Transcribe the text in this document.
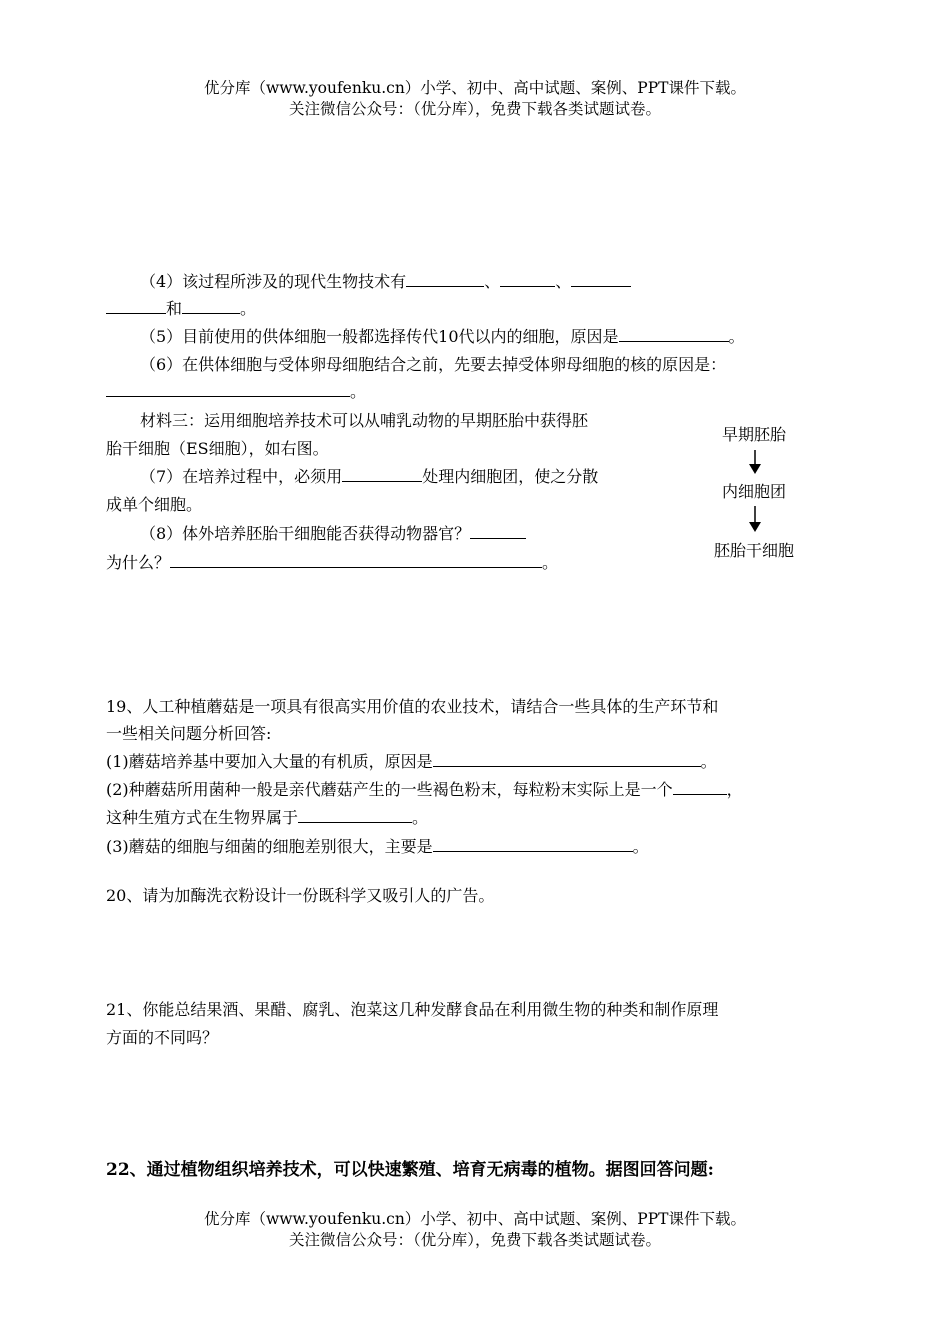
优分库（www.youfenku.cn）小学、初中、高中试题、案例、PPT课件下载。
关注微信公众号：（优分库），免费下载各类试题试卷。
（4）该过程所涉及的现代生物技术有	、	、
和	。
（5）目前使用的供体细胞一般都选择传代10代以内的细胞，原因是	。
（6）在供体细胞与受体卵母细胞结合之前，先要去掉受体卵母细胞的核的原因是：
。
材料三：运用细胞培养技术可以从哺乳动物的早期胚胎中获得胚
胎干细胞（ES细胞），如右图。
（7）在培养过程中，必须用	处理内细胞团，使之分散
成单个细胞。
（8）体外培养胚胎干细胞能否获得动物器官？
为什么？	。
早期胚胎
内细胞团
胚胎干细胞
19、人工种植蘑菇是一项具有很高实用价值的农业技术，请结合一些具体的生产环节和
一些相关问题分析回答:
(1)蘑菇培养基中要加入大量的有机质，原因是	。
(2)种蘑菇所用菌种一般是亲代蘑菇产生的一些褐色粉末，每粒粉末实际上是一个	，
这种生殖方式在生物界属于	。
(3)蘑菇的细胞与细菌的细胞差别很大，主要是	。
20、请为加酶洗衣粉设计一份既科学又吸引人的广告。
21、你能总结果酒、果醋、腐乳、泡菜这几种发酵食品在利用微生物的种类和制作原理
方面的不同吗？
22、通过植物组织培养技术，可以快速繁殖、培育无病毒的植物。据图回答问题:
优分库（www.youfenku.cn）小学、初中、高中试题、案例、PPT课件下载。
关注微信公众号：（优分库），免费下载各类试题试卷。
